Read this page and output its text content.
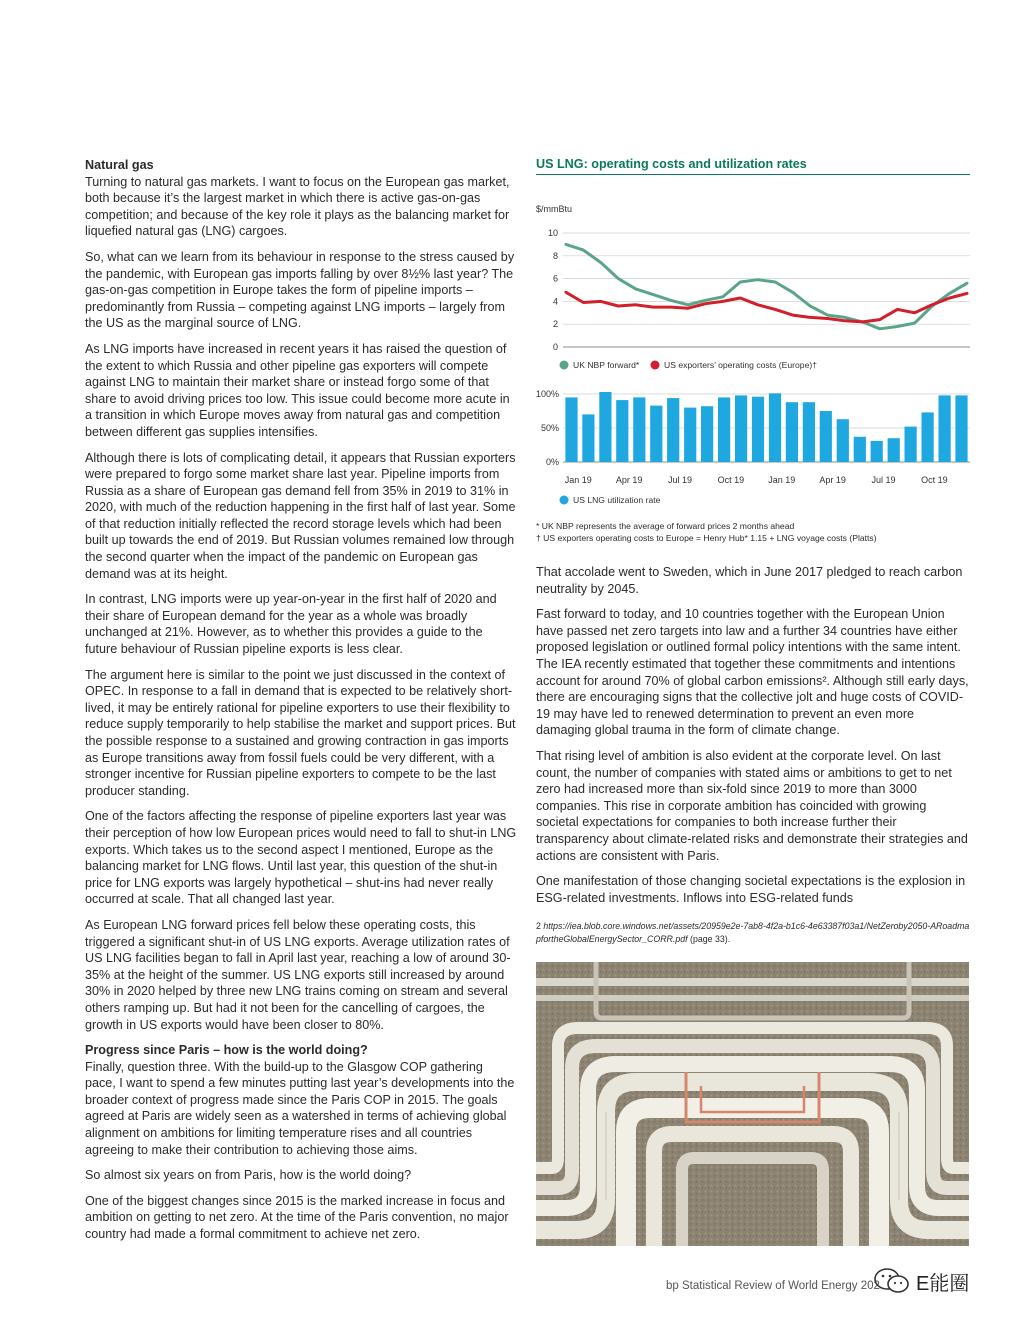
Natural gas

Turning to natural gas markets. I want to focus on the European gas market, both because it’s the largest market in which there is active gas-on-gas competition; and because of the key role it plays as the balancing market for liquefied natural gas (LNG) cargoes.

So, what can we learn from its behaviour in response to the stress caused by the pandemic, with European gas imports falling by over 8½% last year? The gas-on-gas competition in Europe takes the form of pipeline imports – predominantly from Russia – competing against LNG imports – largely from the US as the marginal source of LNG.

As LNG imports have increased in recent years it has raised the question of the extent to which Russia and other pipeline gas exporters will compete against LNG to maintain their market share or instead forgo some of that share to avoid driving prices too low. This issue could become more acute in a transition in which Europe moves away from natural gas and competition between different gas supplies intensifies.

Although there is lots of complicating detail, it appears that Russian exporters were prepared to forgo some market share last year. Pipeline imports from Russia as a share of European gas demand fell from 35% in 2019 to 31% in 2020, with much of the reduction happening in the first half of last year. Some of that reduction initially reflected the record storage levels which had been built up towards the end of 2019. But Russian volumes remained low through the second quarter when the impact of the pandemic on European gas demand was at its height.

In contrast, LNG imports were up year-on-year in the first half of 2020 and their share of European demand for the year as a whole was broadly unchanged at 21%. However, as to whether this provides a guide to the future behaviour of Russian pipeline exports is less clear.

The argument here is similar to the point we just discussed in the context of OPEC. In response to a fall in demand that is expected to be relatively short-lived, it may be entirely rational for pipeline exporters to use their flexibility to reduce supply temporarily to help stabilise the market and support prices. But the possible response to a sustained and growing contraction in gas imports as Europe transitions away from fossil fuels could be very different, with a stronger incentive for Russian pipeline exporters to compete to be the last producer standing.

One of the factors affecting the response of pipeline exporters last year was their perception of how low European prices would need to fall to shut-in LNG exports. Which takes us to the second aspect I mentioned, Europe as the balancing market for LNG flows. Until last year, this question of the shut-in price for LNG exports was largely hypothetical – shut-ins had never really occurred at scale. That all changed last year.

As European LNG forward prices fell below these operating costs, this triggered a significant shut-in of US LNG exports. Average utilization rates of US LNG facilities began to fall in April last year, reaching a low of around 30-35% at the height of the summer. US LNG exports still increased by around 30% in 2020 helped by three new LNG trains coming on stream and several others ramping up. But had it not been for the cancelling of cargoes, the growth in US exports would have been closer to 80%.

Progress since Paris – how is the world doing?

Finally, question three. With the build-up to the Glasgow COP gathering pace, I want to spend a few minutes putting last year’s developments into the broader context of progress made since the Paris COP in 2015. The goals agreed at Paris are widely seen as a watershed in terms of achieving global alignment on ambitions for limiting temperature rises and all countries agreeing to make their contribution to achieving those aims.

So almost six years on from Paris, how is the world doing?

One of the biggest changes since 2015 is the marked increase in focus and ambition on getting to net zero. At the time of the Paris convention, no major country had made a formal commitment to achieve net zero.

US LNG: operating costs and utilization rates
$/mmBtu
0
2
4
6
8
10
UK NBP forward*	US exporters’ operating costs (Europe)†
0%
50%
100%
Jan 19	Apr 19	Jul 19	Oct 19	Jan 19	Apr 19	Jul 19	Oct 19
US LNG utilization rate
* UK NBP represents the average of forward prices 2 months ahead
† US exporters operating costs to Europe = Henry Hub* 1.15 + LNG voyage costs (Platts)

That accolade went to Sweden, which in June 2017 pledged to reach carbon neutrality by 2045.

Fast forward to today, and 10 countries together with the European Union have passed net zero targets into law and a further 34 countries have either proposed legislation or outlined formal policy intentions with the same intent. The IEA recently estimated that together these commitments and intentions account for around 70% of global carbon emissions². Although still early days, there are encouraging signs that the collective jolt and huge costs of COVID-19 may have led to renewed determination to prevent an even more damaging global trauma in the form of climate change.

That rising level of ambition is also evident at the corporate level. On last count, the number of companies with stated aims or ambitions to get to net zero had increased more than six-fold since 2019 to more than 3000 companies. This rise in corporate ambition has coincided with growing societal expectations for companies to both increase further their transparency about climate-related risks and demonstrate their strategies and actions are consistent with Paris.

One manifestation of those changing societal expectations is the explosion in ESG-related investments. Inflows into ESG-related funds

2 https://iea.blob.core.windows.net/assets/20959e2e-7ab8-4f2a-b1c6-4e63387f03a1/NetZeroby2050-ARoadmapfortheGlobalEnergySector_CORR.pdf (page 33).
bp Statistical Review of World Energy 202 E能圈
